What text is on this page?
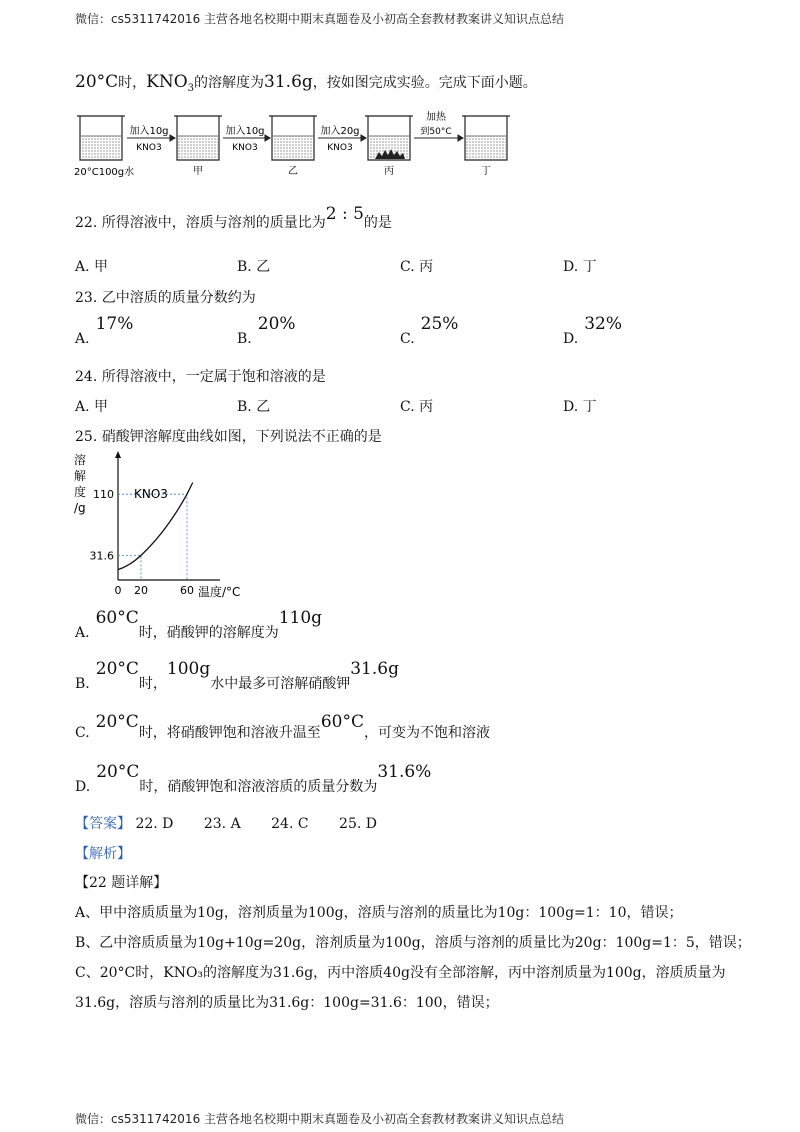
微信：cs5311742016 主营各地名校期中期末真题卷及小初高全套教材教案讲义知识点总结
微信：cs5311742016 主营各地名校期中期末真题卷及小初高全套教材教案讲义知识点总结
20°C时，$KNO_3$的溶解度为31.6g，按如图完成实验。完成下面小题。
加入10g
KNO3
加入10g
KNO3
加入20g
KNO3
加热
到50°C
20°C100g水	甲	乙	丙	丁
22. 所得溶液中，溶质与溶剂的质量比为2 : 5的是
A. 甲	B. 乙	C. 丙	D. 丁
23. 乙中溶质的质量分数约为
A.17%
B.20%
C.25%
D.32%
24. 所得溶液中，一定属于饱和溶液的是
A. 甲	B. 乙	C. 丙	D. 丁
25. 硝酸钾溶解度曲线如图，下列说法不正确的是
KNO3
溶
解
度
/g
31.6
110
0 20	60 温度/°C
A.60°C时，硝酸钾的溶解度为110g
B.20°C时，100g水中最多可溶解硝酸钾31.6g
C.20°C时，将硝酸钾饱和溶液升温至60°C，可变为不饱和溶液
D.20°C时，硝酸钾饱和溶液溶质的质量分数为31.6%
【答案】 22. D 23. A 24. C 25. D
【解析】
【22 题详解】
A、甲中溶质质量为10g，溶剂质量为100g，溶质与溶剂的质量比为10g：100g=1：10，错误；
B、乙中溶质质量为10g+10g=20g，溶剂质量为100g，溶质与溶剂的质量比为20g：100g=1：5，错误；
C、20°C时，KNO₃的溶解度为31.6g，丙中溶质40g没有全部溶解，丙中溶剂质量为100g，溶质质量为
31.6g，溶质与溶剂的质量比为31.6g：100g=31.6：100，错误；
